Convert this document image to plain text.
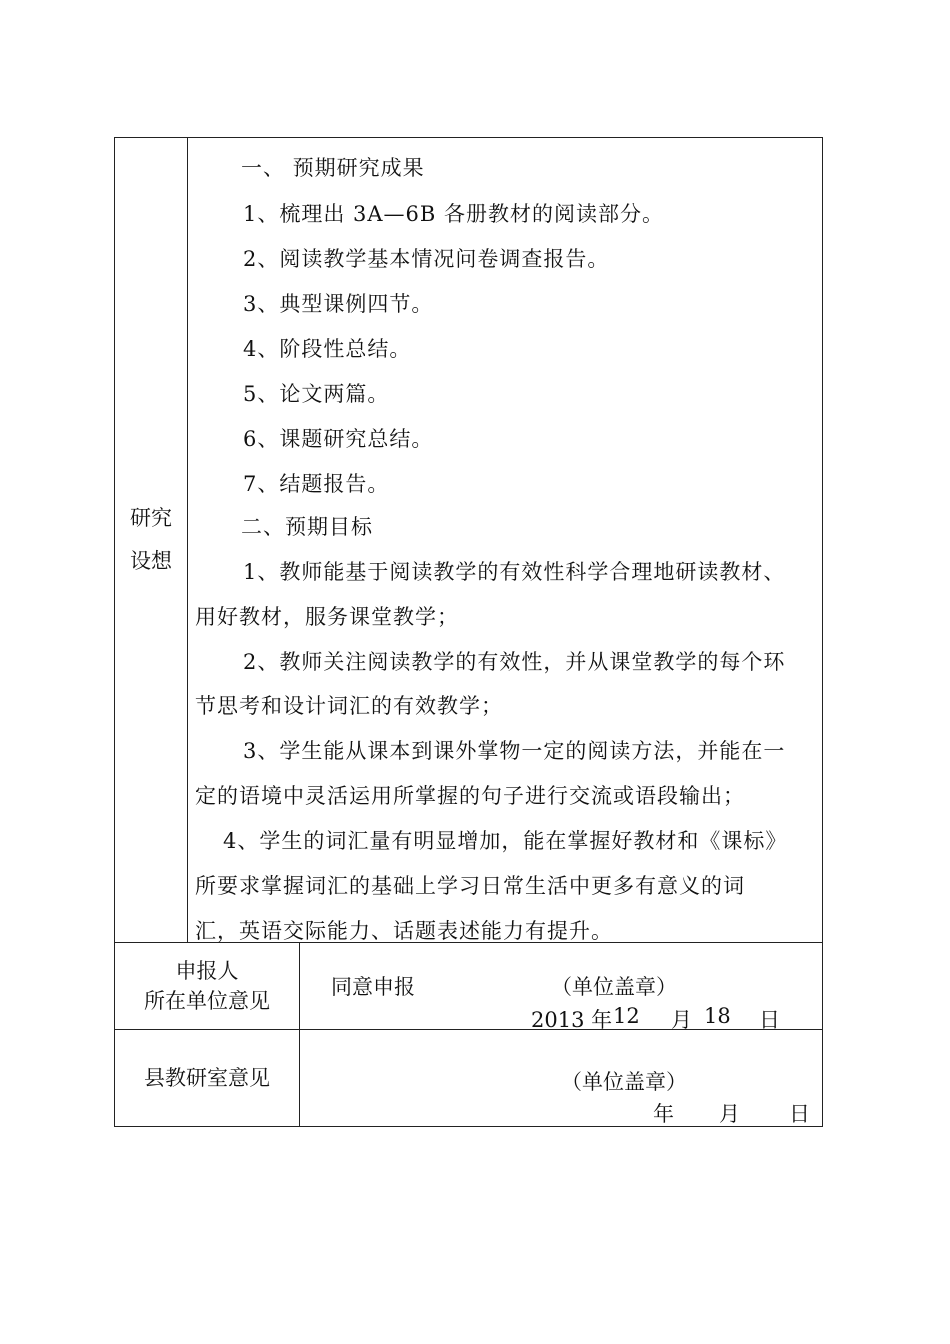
研究
设想
一、 预期研究成果
1、梳理出 3A—6B 各册教材的阅读部分。
2、阅读教学基本情况问卷调查报告。
3、典型课例四节。
4、阶段性总结。
5、论文两篇。
6、课题研究总结。
7、结题报告。
二、预期目标
1、教师能基于阅读教学的有效性科学合理地研读教材、
用好教材，服务课堂教学；
2、教师关注阅读教学的有效性，并从课堂教学的每个环
节思考和设计词汇的有效教学；
3、学生能从课本到课外掌物一定的阅读方法，并能在一
定的语境中灵活运用所掌握的句子进行交流或语段输出；
4、学生的词汇量有明显增加，能在掌握好教材和《课标》
所要求掌握词汇的基础上学习日常生活中更多有意义的词
汇，英语交际能力、话题表述能力有提升。
申报人
所在单位意见
同意申报	（单位盖章）
2013 年 12 月 18 日
县教研室意见	（单位盖章）
年 月 日
